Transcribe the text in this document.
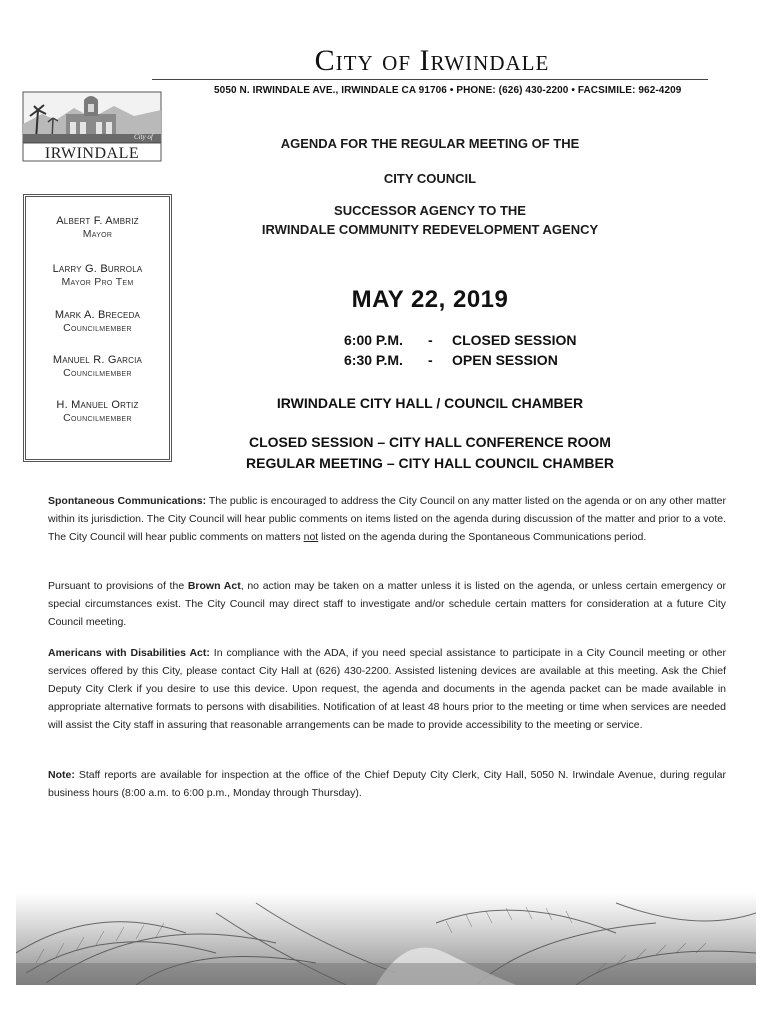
City of Irwindale
5050 N. IRWINDALE AVE., IRWINDALE CA 91706 • PHONE: (626) 430-2200 • FACSIMILE: 962-4209
City of
IRWINDALE
Albert F. Ambriz
Mayor
Larry G. Burrola
Mayor Pro Tem
Mark A. Breceda
Councilmember
Manuel R. Garcia
Councilmember
H. Manuel Ortiz
Councilmember
AGENDA FOR THE REGULAR MEETING OF THE
CITY COUNCIL
SUCCESSOR AGENCY TO THE
IRWINDALE COMMUNITY REDEVELOPMENT AGENCY
MAY 22, 2019
6:00 P.M. - CLOSED SESSION
6:30 P.M. - OPEN SESSION
IRWINDALE CITY HALL / COUNCIL CHAMBER
CLOSED SESSION – CITY HALL CONFERENCE ROOM
REGULAR MEETING – CITY HALL COUNCIL CHAMBER
Spontaneous Communications: The public is encouraged to address the City Council on any matter listed on the agenda or on any other matter within its jurisdiction. The City Council will hear public comments on items listed on the agenda during discussion of the matter and prior to a vote. The City Council will hear public comments on matters not listed on the agenda during the Spontaneous Communications period.
Pursuant to provisions of the Brown Act, no action may be taken on a matter unless it is listed on the agenda, or unless certain emergency or special circumstances exist. The City Council may direct staff to investigate and/or schedule certain matters for consideration at a future City Council meeting.
Americans with Disabilities Act: In compliance with the ADA, if you need special assistance to participate in a City Council meeting or other services offered by this City, please contact City Hall at (626) 430-2200. Assisted listening devices are available at this meeting. Ask the Chief Deputy City Clerk if you desire to use this device. Upon request, the agenda and documents in the agenda packet can be made available in appropriate alternative formats to persons with disabilities. Notification of at least 48 hours prior to the meeting or time when services are needed will assist the City staff in assuring that reasonable arrangements can be made to provide accessibility to the meeting or service.
Note: Staff reports are available for inspection at the office of the Chief Deputy City Clerk, City Hall, 5050 N. Irwindale Avenue, during regular business hours (8:00 a.m. to 6:00 p.m., Monday through Thursday).
